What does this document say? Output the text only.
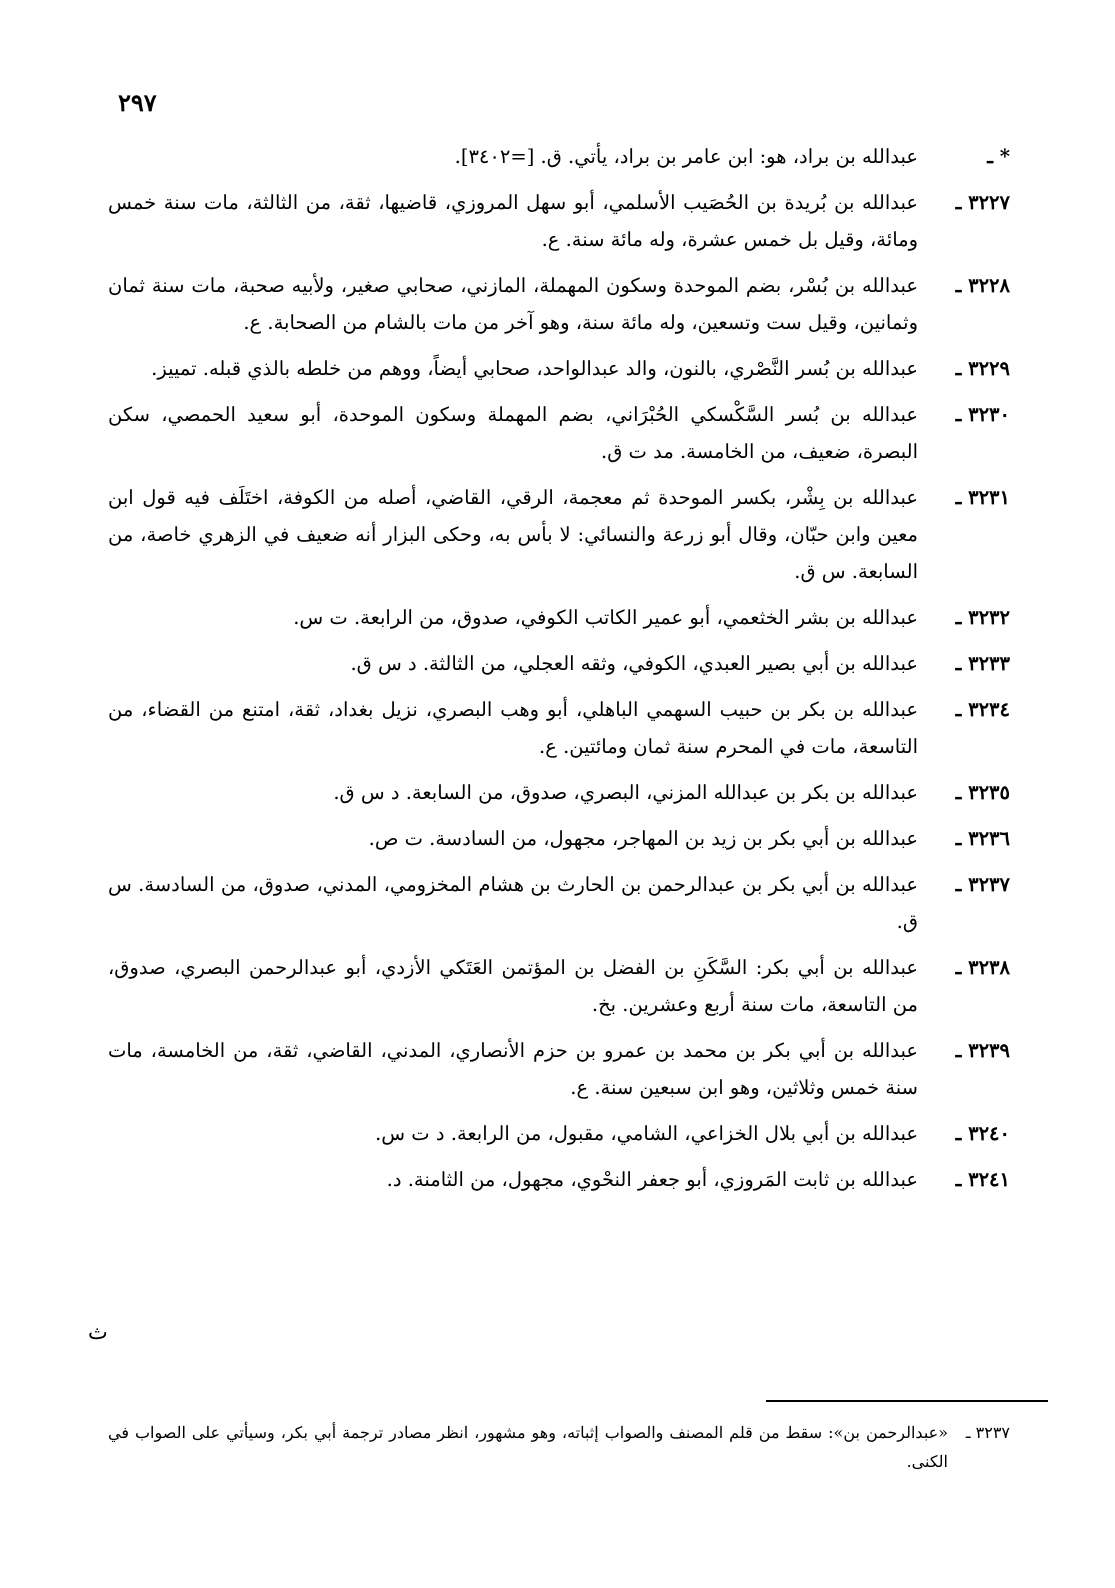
٢٩٧
* ـ
عبدالله بن براد، هو: ابن عامر بن براد، يأتي. ق. [=٣٤٠٢].
٣٢٢٧ ـ
عبدالله بن بُريدة بن الحُصَيب الأسلمي، أبو سهل المروزي، قاضيها، ثقة، من الثالثة، مات سنة خمس ومائة، وقيل بل خمس عشرة، وله مائة سنة. ع.
٣٢٢٨ ـ
عبدالله بن بُسْر، بضم الموحدة وسكون المهملة، المازني، صحابي صغير، ولأبيه صحبة، مات سنة ثمان وثمانين، وقيل ست وتسعين، وله مائة سنة، وهو آخر من مات بالشام من الصحابة. ع.
٣٢٢٩ ـ
عبدالله بن بُسر النَّصْري، بالنون، والد عبدالواحد، صحابي أيضاً، ووهم من خلطه بالذي قبله. تمييز.
٣٢٣٠ ـ
عبدالله بن بُسر السَّكْسكي الحُبْرَاني، بضم المهملة وسكون الموحدة، أبو سعيد الحمصي، سكن البصرة، ضعيف، من الخامسة. مد ت ق.
٣٢٣١ ـ
عبدالله بن بِشْر، بكسر الموحدة ثم معجمة، الرقي، القاضي، أصله من الكوفة، اختَلَف فيه قول ابن معين وابن حبّان، وقال أبو زرعة والنسائي: لا بأس به، وحكى البزار أنه ضعيف في الزهري خاصة، من السابعة. س ق.
٣٢٣٢ ـ
عبدالله بن بشر الخثعمي، أبو عمير الكاتب الكوفي، صدوق، من الرابعة. ت س.
٣٢٣٣ ـ
عبدالله بن أبي بصير العبدي، الكوفي، وثقه العجلي، من الثالثة. د س ق.
٣٢٣٤ ـ
عبدالله بن بكر بن حبيب السهمي الباهلي، أبو وهب البصري، نزيل بغداد، ثقة، امتنع من القضاء، من التاسعة، مات في المحرم سنة ثمان ومائتين. ع.
٣٢٣٥ ـ
عبدالله بن بكر بن عبدالله المزني، البصري، صدوق، من السابعة. د س ق.
٣٢٣٦ ـ
عبدالله بن أبي بكر بن زيد بن المهاجر، مجهول، من السادسة. ت ص.
٣٢٣٧ ـ
عبدالله بن أبي بكر بن عبدالرحمن بن الحارث بن هشام المخزومي، المدني، صدوق، من السادسة. س ق.
٣٢٣٨ ـ
عبدالله بن أبي بكر: السَّكَنِ بن الفضل بن المؤتمن العَتَكي الأزدي، أبو عبدالرحمن البصري، صدوق، من التاسعة، مات سنة أربع وعشرين. بخ.
٣٢٣٩ ـ
عبدالله بن أبي بكر بن محمد بن عمرو بن حزم الأنصاري، المدني، القاضي، ثقة، من الخامسة، مات سنة خمس وثلاثين، وهو ابن سبعين سنة. ع.
٣٢٤٠ ـ
عبدالله بن أبي بلال الخزاعي، الشامي، مقبول، من الرابعة. د ت س.
٣٢٤١ ـ
عبدالله بن ثابت المَروزي، أبو جعفر النحْوي، مجهول، من الثامنة. د.
ث
٣٢٣٧ ـ
«عبدالرحمن بن»: سقط من قلم المصنف والصواب إثباته، وهو مشهور، انظر مصادر ترجمة أبي بكر، وسيأتي على الصواب في الكنى.
